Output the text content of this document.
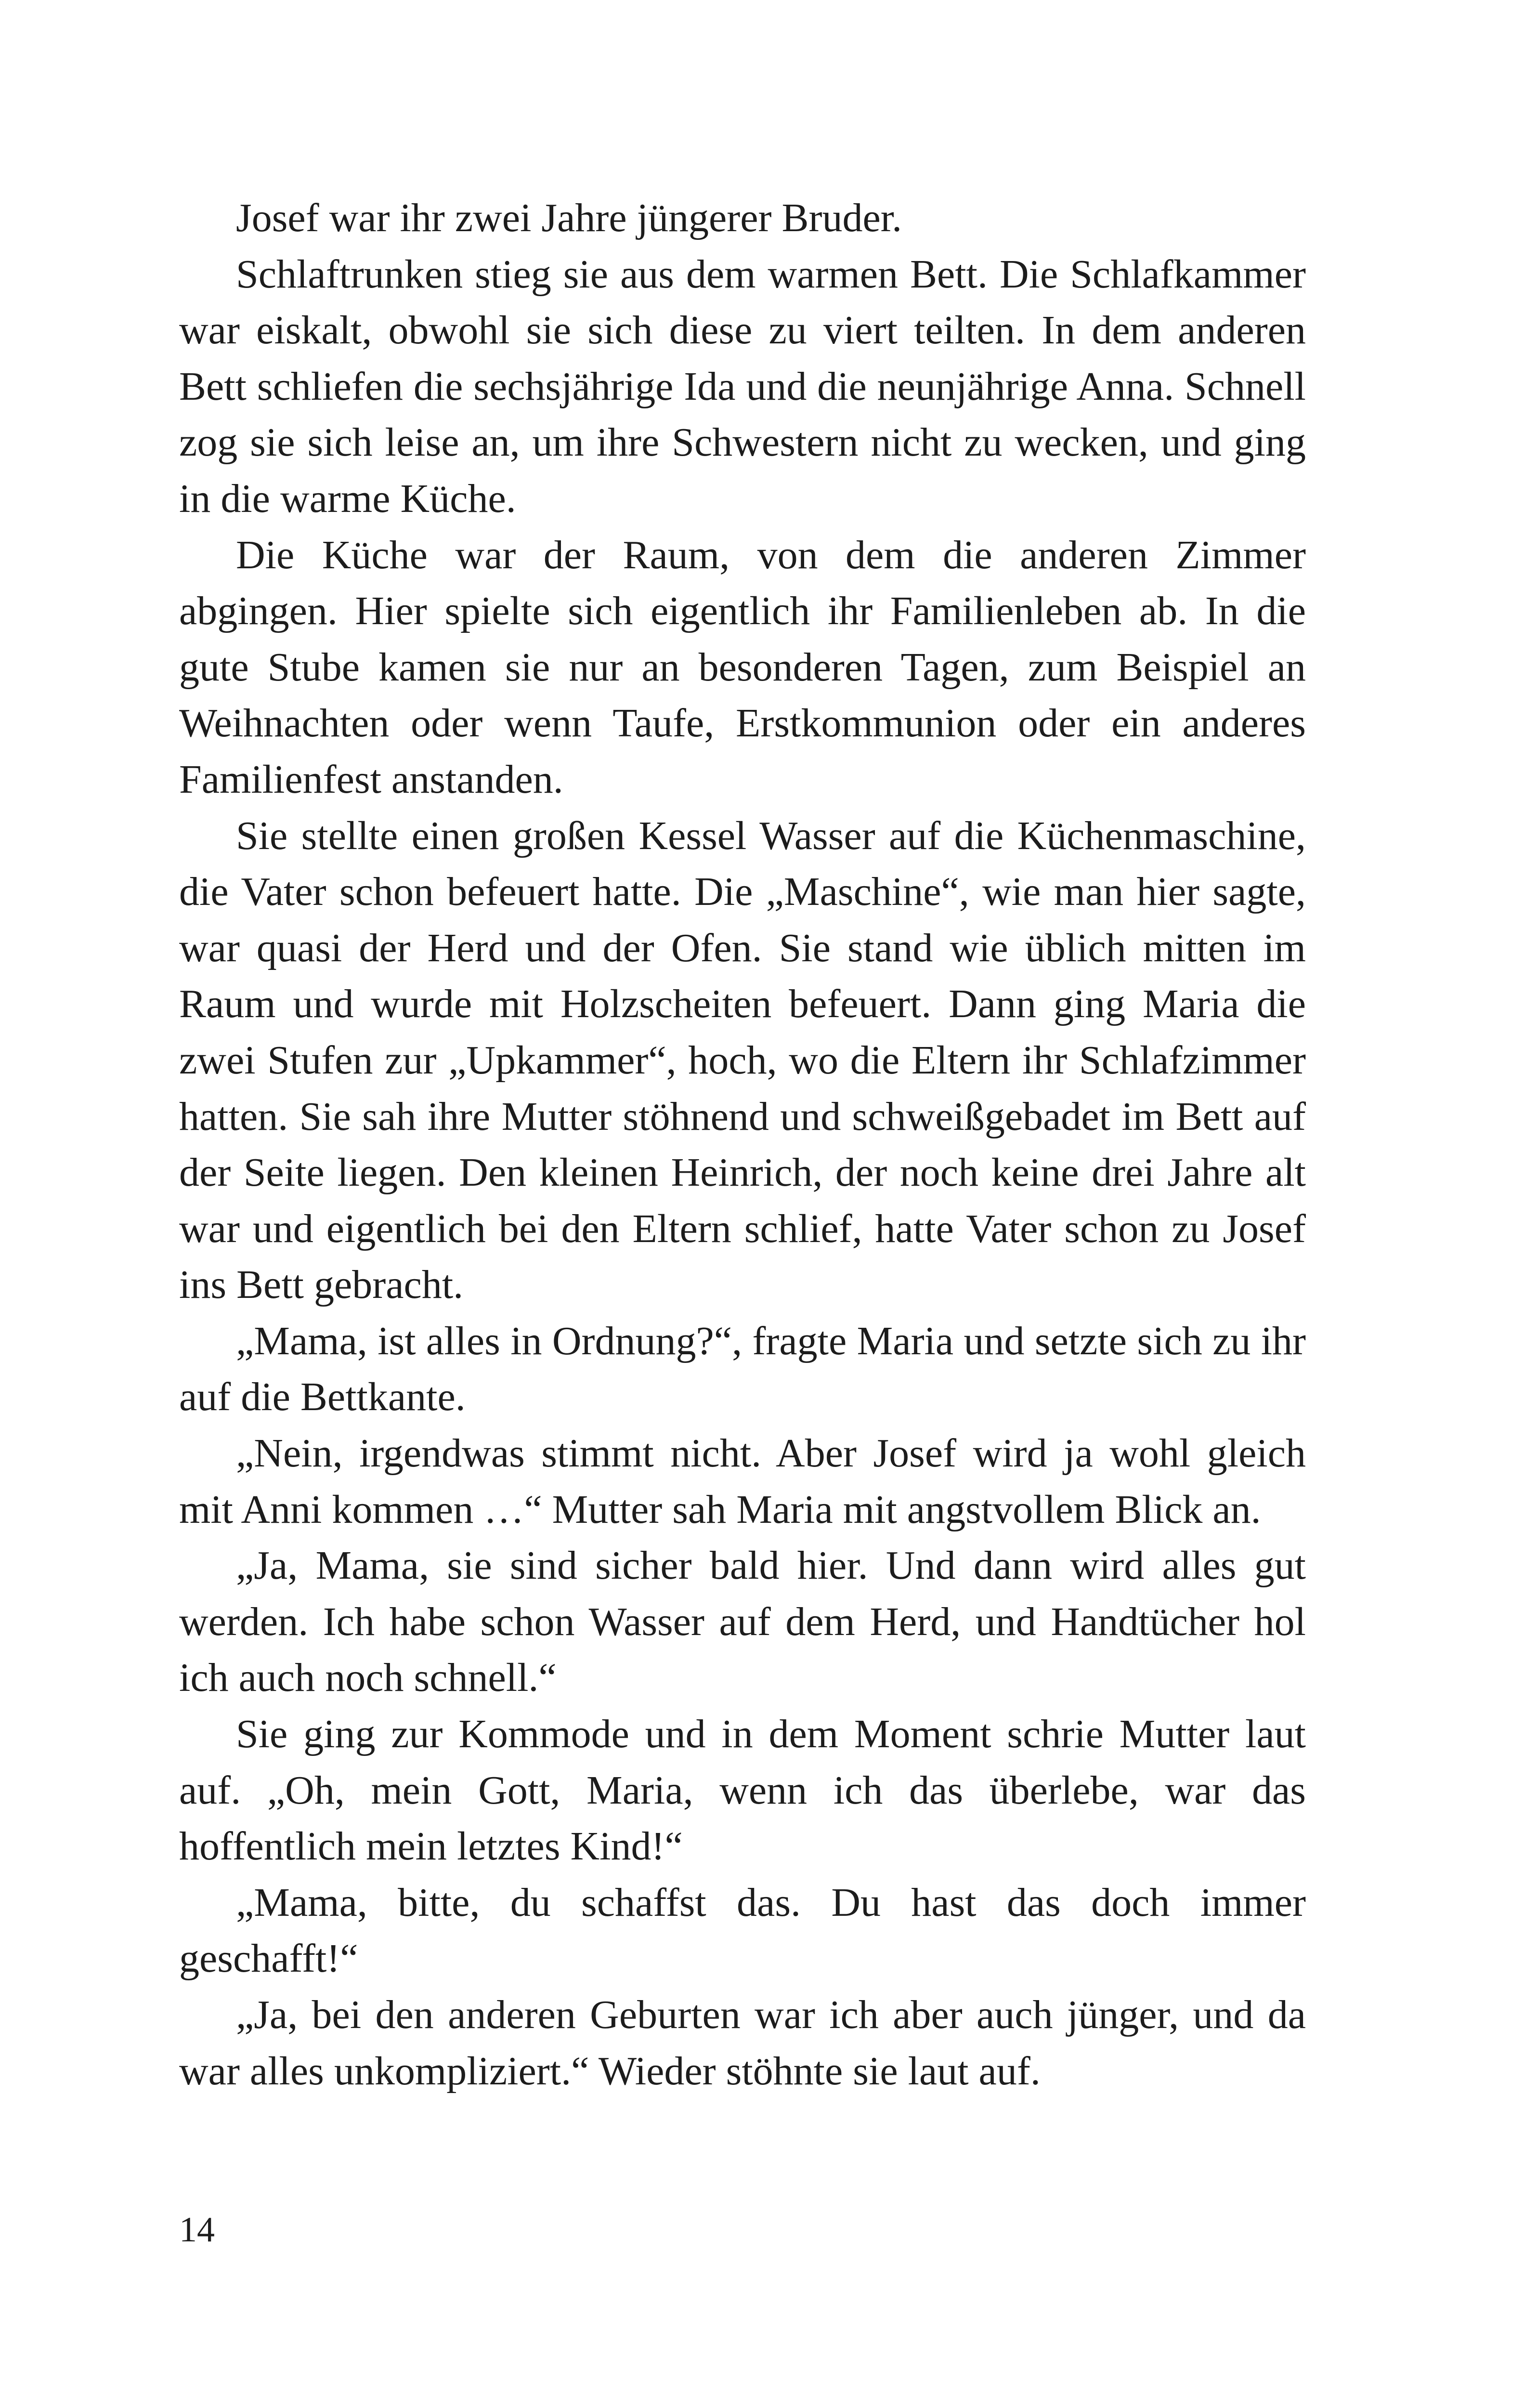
Josef war ihr zwei Jahre jüngerer Bruder.

Schlaftrunken stieg sie aus dem warmen Bett. Die Schlafkammer war eiskalt, obwohl sie sich diese zu viert teilten. In dem anderen Bett schliefen die sechsjährige Ida und die neunjährige Anna. Schnell zog sie sich leise an, um ihre Schwestern nicht zu wecken, und ging in die warme Küche.

Die Küche war der Raum, von dem die anderen Zimmer abgingen. Hier spielte sich eigentlich ihr Familienleben ab. In die gute Stube kamen sie nur an besonderen Tagen, zum Beispiel an Weihnachten oder wenn Taufe, Erstkommunion oder ein anderes Familienfest anstanden.

Sie stellte einen großen Kessel Wasser auf die Küchenmaschine, die Vater schon befeuert hatte. Die „Maschine“, wie man hier sagte, war quasi der Herd und der Ofen. Sie stand wie üblich mitten im Raum und wurde mit Holzscheiten befeuert. Dann ging Maria die zwei Stufen zur „Upkammer“, hoch, wo die Eltern ihr Schlafzimmer hatten. Sie sah ihre Mutter stöhnend und schweißgebadet im Bett auf der Seite liegen. Den kleinen Heinrich, der noch keine drei Jahre alt war und eigentlich bei den Eltern schlief, hatte Vater schon zu Josef ins Bett gebracht.

„Mama, ist alles in Ordnung?“, fragte Maria und setzte sich zu ihr auf die Bettkante.

„Nein, irgendwas stimmt nicht. Aber Josef wird ja wohl gleich mit Anni kommen …“ Mutter sah Maria mit angstvollem Blick an.

„Ja, Mama, sie sind sicher bald hier. Und dann wird alles gut werden. Ich habe schon Wasser auf dem Herd, und Handtücher hol ich auch noch schnell.“

Sie ging zur Kommode und in dem Moment schrie Mutter laut auf. „Oh, mein Gott, Maria, wenn ich das überlebe, war das hoffentlich mein letztes Kind!“

„Mama, bitte, du schaffst das. Du hast das doch immer geschafft!“

„Ja, bei den anderen Geburten war ich aber auch jünger, und da war alles unkompliziert.“ Wieder stöhnte sie laut auf.

14
